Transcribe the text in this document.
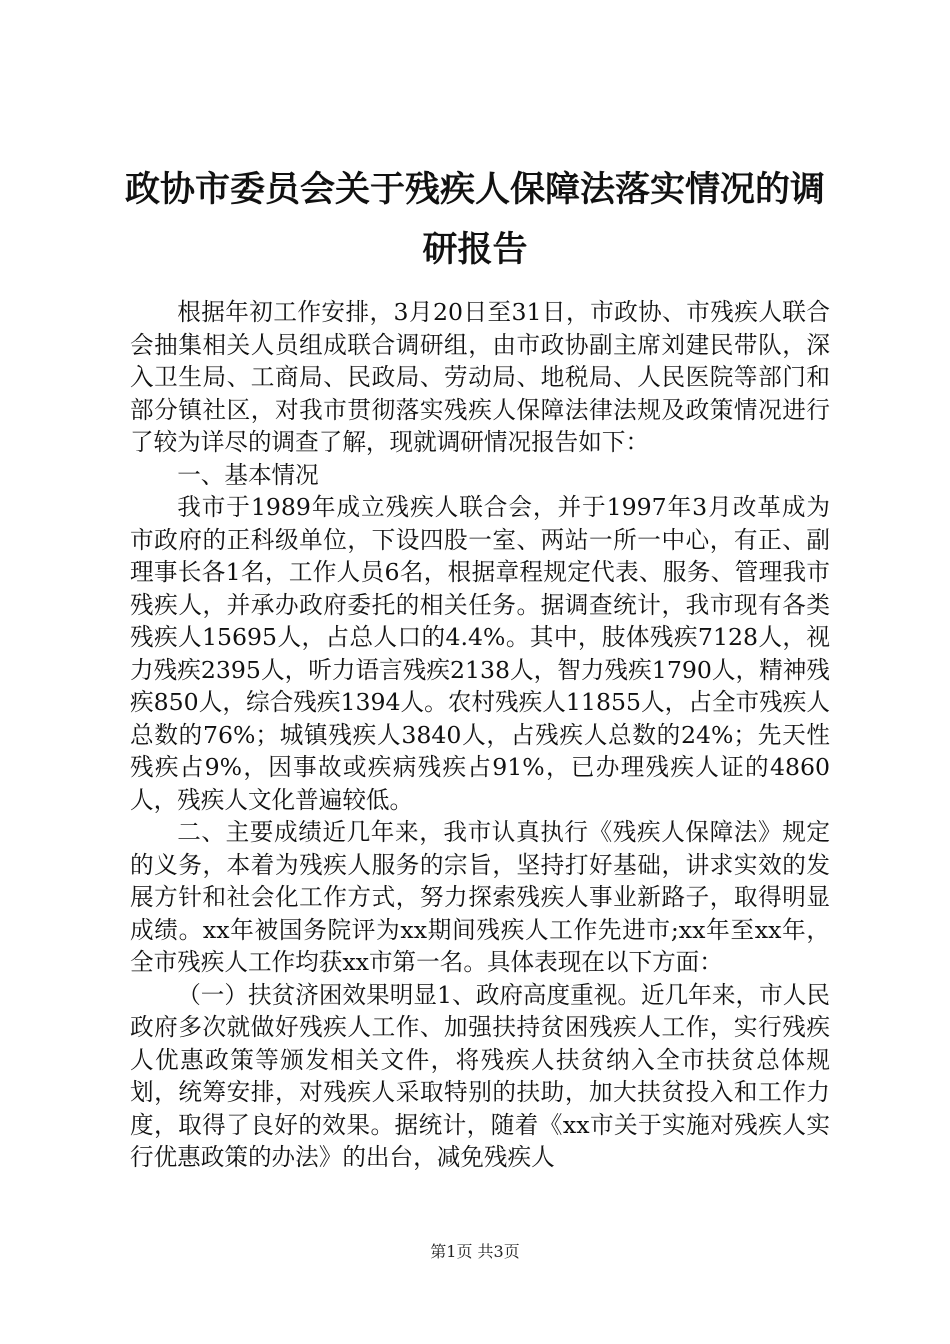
政协市委员会关于残疾人保障法落实情况的调研报告

根据年初工作安排，3月20日至31日，市政协、市残疾人联合会抽集相关人员组成联合调研组，由市政协副主席刘建民带队，深入卫生局、工商局、民政局、劳动局、地税局、人民医院等部门和部分镇社区，对我市贯彻落实残疾人保障法律法规及政策情况进行了较为详尽的调查了解，现就调研情况报告如下：

一、基本情况

我市于1989年成立残疾人联合会，并于1997年3月改革成为市政府的正科级单位，下设四股一室、两站一所一中心，有正、副理事长各1名，工作人员6名，根据章程规定代表、服务、管理我市残疾人，并承办政府委托的相关任务。据调查统计，我市现有各类残疾人15695人，占总人口的4.4%。其中，肢体残疾7128人，视力残疾2395人，听力语言残疾2138人，智力残疾1790人，精神残疾850人，综合残疾1394人。农村残疾人11855人，占全市残疾人总数的76%；城镇残疾人3840人，占残疾人总数的24%；先天性残疾占9%，因事故或疾病残疾占91%，已办理残疾人证的4860人，残疾人文化普遍较低。

二、主要成绩近几年来，我市认真执行《残疾人保障法》规定的义务，本着为残疾人服务的宗旨，坚持打好基础，讲求实效的发展方针和社会化工作方式，努力探索残疾人事业新路子，取得明显成绩。xx年被国务院评为xx期间残疾人工作先进市;xx年至xx年，全市残疾人工作均获xx市第一名。具体表现在以下方面：

（一）扶贫济困效果明显1、政府高度重视。近几年来，市人民政府多次就做好残疾人工作、加强扶持贫困残疾人工作，实行残疾人优惠政策等颁发相关文件，将残疾人扶贫纳入全市扶贫总体规划，统筹安排，对残疾人采取特别的扶助，加大扶贫投入和工作力度，取得了良好的效果。据统计，随着《xx市关于实施对残疾人实行优惠政策的办法》的出台，减免残疾人

第1页 共3页
